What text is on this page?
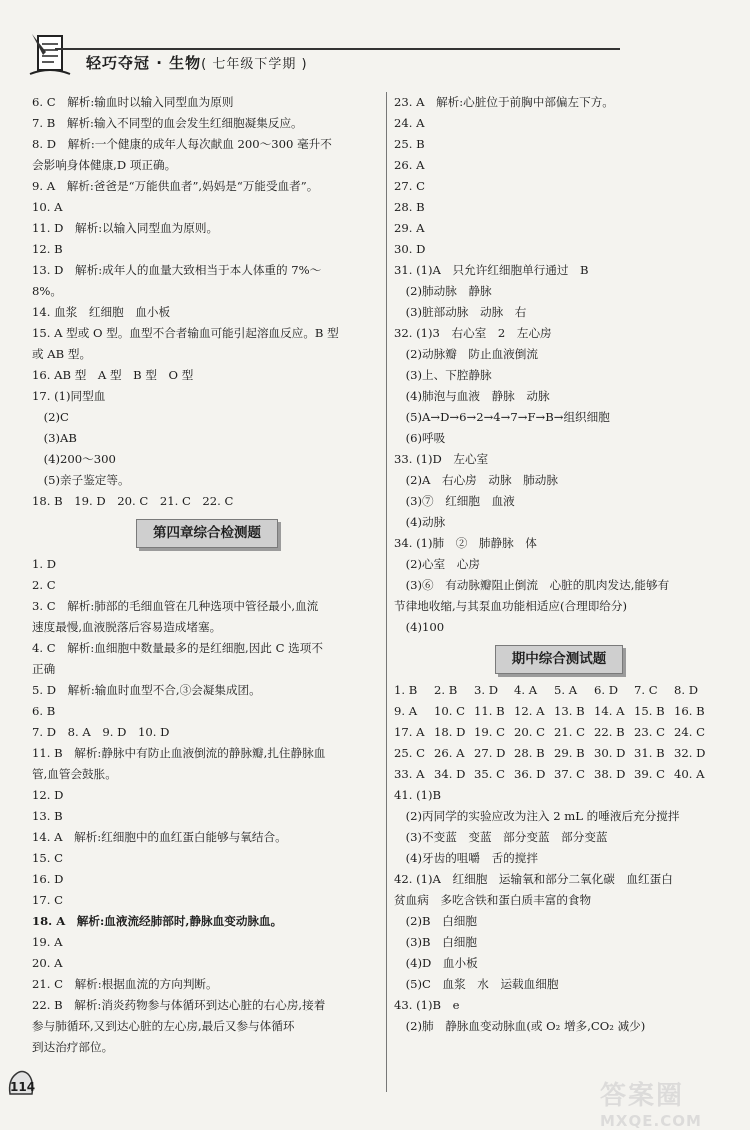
轻巧夺冠 · 生物( 七年级下学期 )
6. C　解析:输血时以输入同型血为原则
7. B　解析:输入不同型的血会发生红细胞凝集反应。
8. D　解析:一个健康的成年人每次献血 200～300 毫升不
会影响身体健康,D 项正确。
9. A　解析:爸爸是“万能供血者”,妈妈是“万能受血者”。
10. A
11. D　解析:以输入同型血为原则。
12. B
13. D　解析:成年人的血量大致相当于本人体重的 7%～
8%。
14. 血浆　红细胞　血小板
15. A 型或 O 型。血型不合者输血可能引起溶血反应。B 型
或 AB 型。
16. AB 型　A 型　B 型　O 型
17. (1)同型血
　(2)C
　(3)AB
　(4)200～300
　(5)亲子鉴定等。
18. B　19. D　20. C　21. C　22. C
第四章综合检测题
1. D
2. C
3. C　解析:肺部的毛细血管在几种选项中管径最小,血流
速度最慢,血液脱落后容易造成堵塞。
4. C　解析:血细胞中数量最多的是红细胞,因此 C 选项不
正确
5. D　解析:输血时血型不合,③会凝集成团。
6. B
7. D　8. A　9. D　10. D
11. B　解析:静脉中有防止血液倒流的静脉瓣,扎住静脉血
管,血管会鼓胀。
12. D
13. B
14. A　解析:红细胞中的血红蛋白能够与氧结合。
15. C
16. D
17. C
18. A　解析:血液流经肺部时,静脉血变动脉血。
19. A
20. A
21. C　解析:根据血流的方向判断。
22. B　解析:消炎药物参与体循环到达心脏的右心房,接着
参与肺循环,又到达心脏的左心房,最后又参与体循环
到达治疗部位。
23. A　解析:心脏位于前胸中部偏左下方。
24. A
25. B
26. A
27. C
28. B
29. A
30. D
31. (1)A　只允许红细胞单行通过　B
　(2)肺动脉　静脉
　(3)脏部动脉　动脉　右
32. (1)3　右心室　2　左心房
　(2)动脉瓣　防止血液倒流
　(3)上、下腔静脉
　(4)肺泡与血液　静脉　动脉
　(5)A→D→6→2→4→7→F→B→组织细胞
　(6)呼吸
33. (1)D　左心室
　(2)A　右心房　动脉　肺动脉
　(3)⑦　红细胞　血液
　(4)动脉
34. (1)肺　②　肺静脉　体
　(2)心室　心房
　(3)⑥　有动脉瓣阻止倒流　心脏的肌肉发达,能够有
节律地收缩,与其泵血功能相适应(合理即给分)
　(4)100
期中综合测试题
1. B	2. B	3. D	4. A	5. A	6. D	7. C	8. D
9. A	10. C 11. B 12. A 13. B 14. A 15. B 16. B
17. A 18. D 19. C 20. C 21. C 22. B 23. C 24. C
25. C 26. A 27. D 28. B 29. B 30. D 31. B 32. D
33. A 34. D 35. C 36. D 37. C 38. D 39. C 40. A
41. (1)B
　(2)丙同学的实验应改为注入 2 mL 的唾液后充分搅拌
　(3)不变蓝　变蓝　部分变蓝　部分变蓝
　(4)牙齿的咀嚼　舌的搅拌
42. (1)A　红细胞　运输氧和部分二氧化碳　血红蛋白
贫血病　多吃含铁和蛋白质丰富的食物
　(2)B　白细胞
　(3)B　白细胞
　(4)D　血小板
　(5)C　血浆　水　运载血细胞
43. (1)B　e
　(2)肺　静脉血变动脉血(或 O₂ 增多,CO₂ 减少)
114	答案圈
MXQE.COM
